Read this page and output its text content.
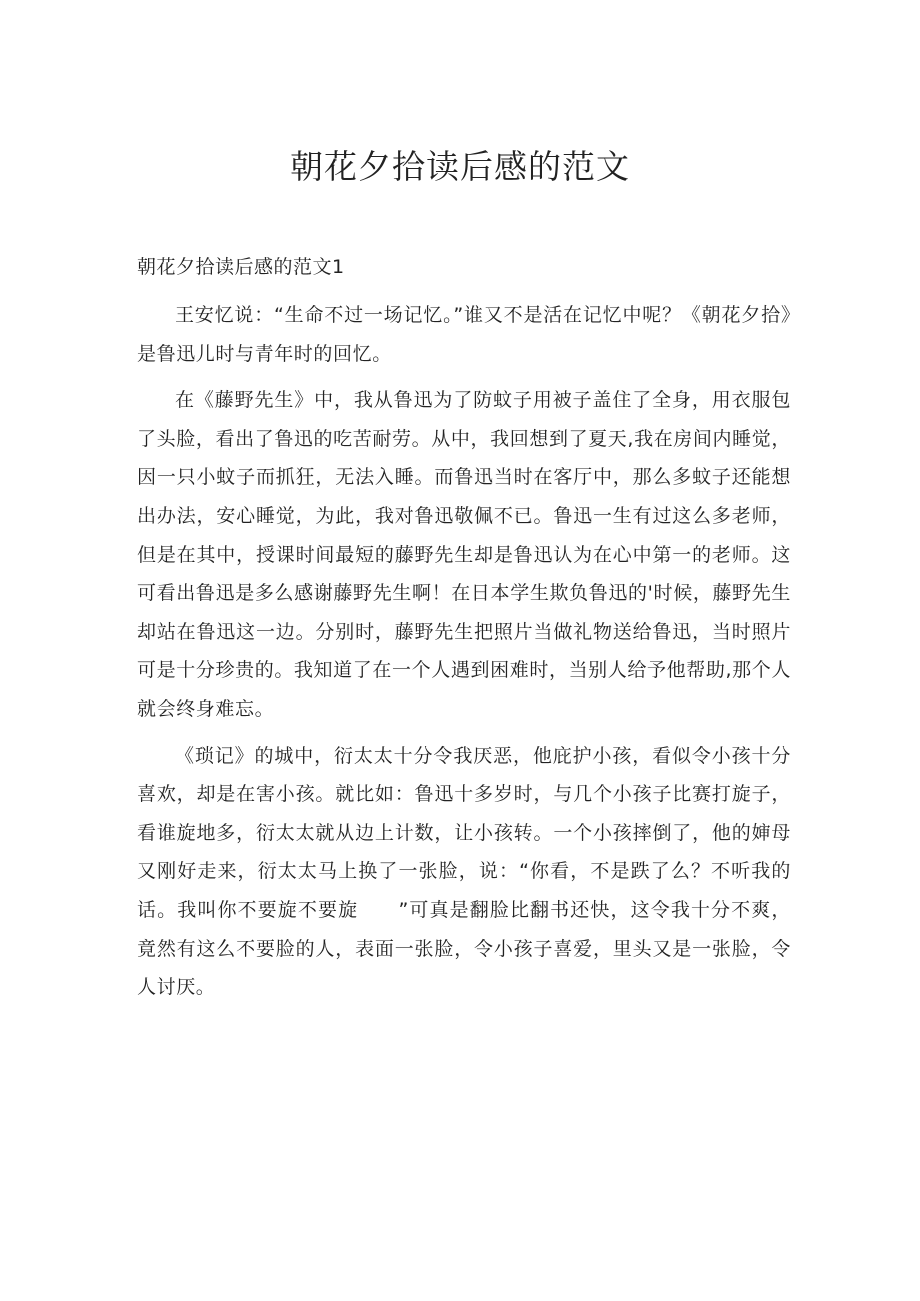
朝花夕拾读后感的范文
朝花夕拾读后感的范文1

王安忆说：“生命不过一场记忆。”谁又不是活在记忆中呢？《朝花夕拾》是鲁迅儿时与青年时的回忆。

在《藤野先生》中，我从鲁迅为了防蚊子用被子盖住了全身，用衣服包了头脸，看出了鲁迅的吃苦耐劳。从中，我回想到了夏天,我在房间内睡觉，因一只小蚊子而抓狂，无法入睡。而鲁迅当时在客厅中，那么多蚊子还能想出办法，安心睡觉，为此，我对鲁迅敬佩不已。鲁迅一生有过这么多老师，但是在其中，授课时间最短的藤野先生却是鲁迅认为在心中第一的老师。这可看出鲁迅是多么感谢藤野先生啊！在日本学生欺负鲁迅的'时候，藤野先生却站在鲁迅这一边。分别时，藤野先生把照片当做礼物送给鲁迅，当时照片可是十分珍贵的。我知道了在一个人遇到困难时，当别人给予他帮助,那个人就会终身难忘。

《琐记》的城中，衍太太十分令我厌恶，他庇护小孩，看似令小孩十分喜欢，却是在害小孩。就比如：鲁迅十多岁时，与几个小孩子比赛打旋子，看谁旋地多，衍太太就从边上计数，让小孩转。一个小孩摔倒了，他的婶母又刚好走来，衍太太马上换了一张脸，说：“你看，不是跌了么？不听我的话。我叫你不要旋不要旋　　”可真是翻脸比翻书还快，这令我十分不爽，竟然有这么不要脸的人，表面一张脸，令小孩子喜爱，里头又是一张脸，令人讨厌。
